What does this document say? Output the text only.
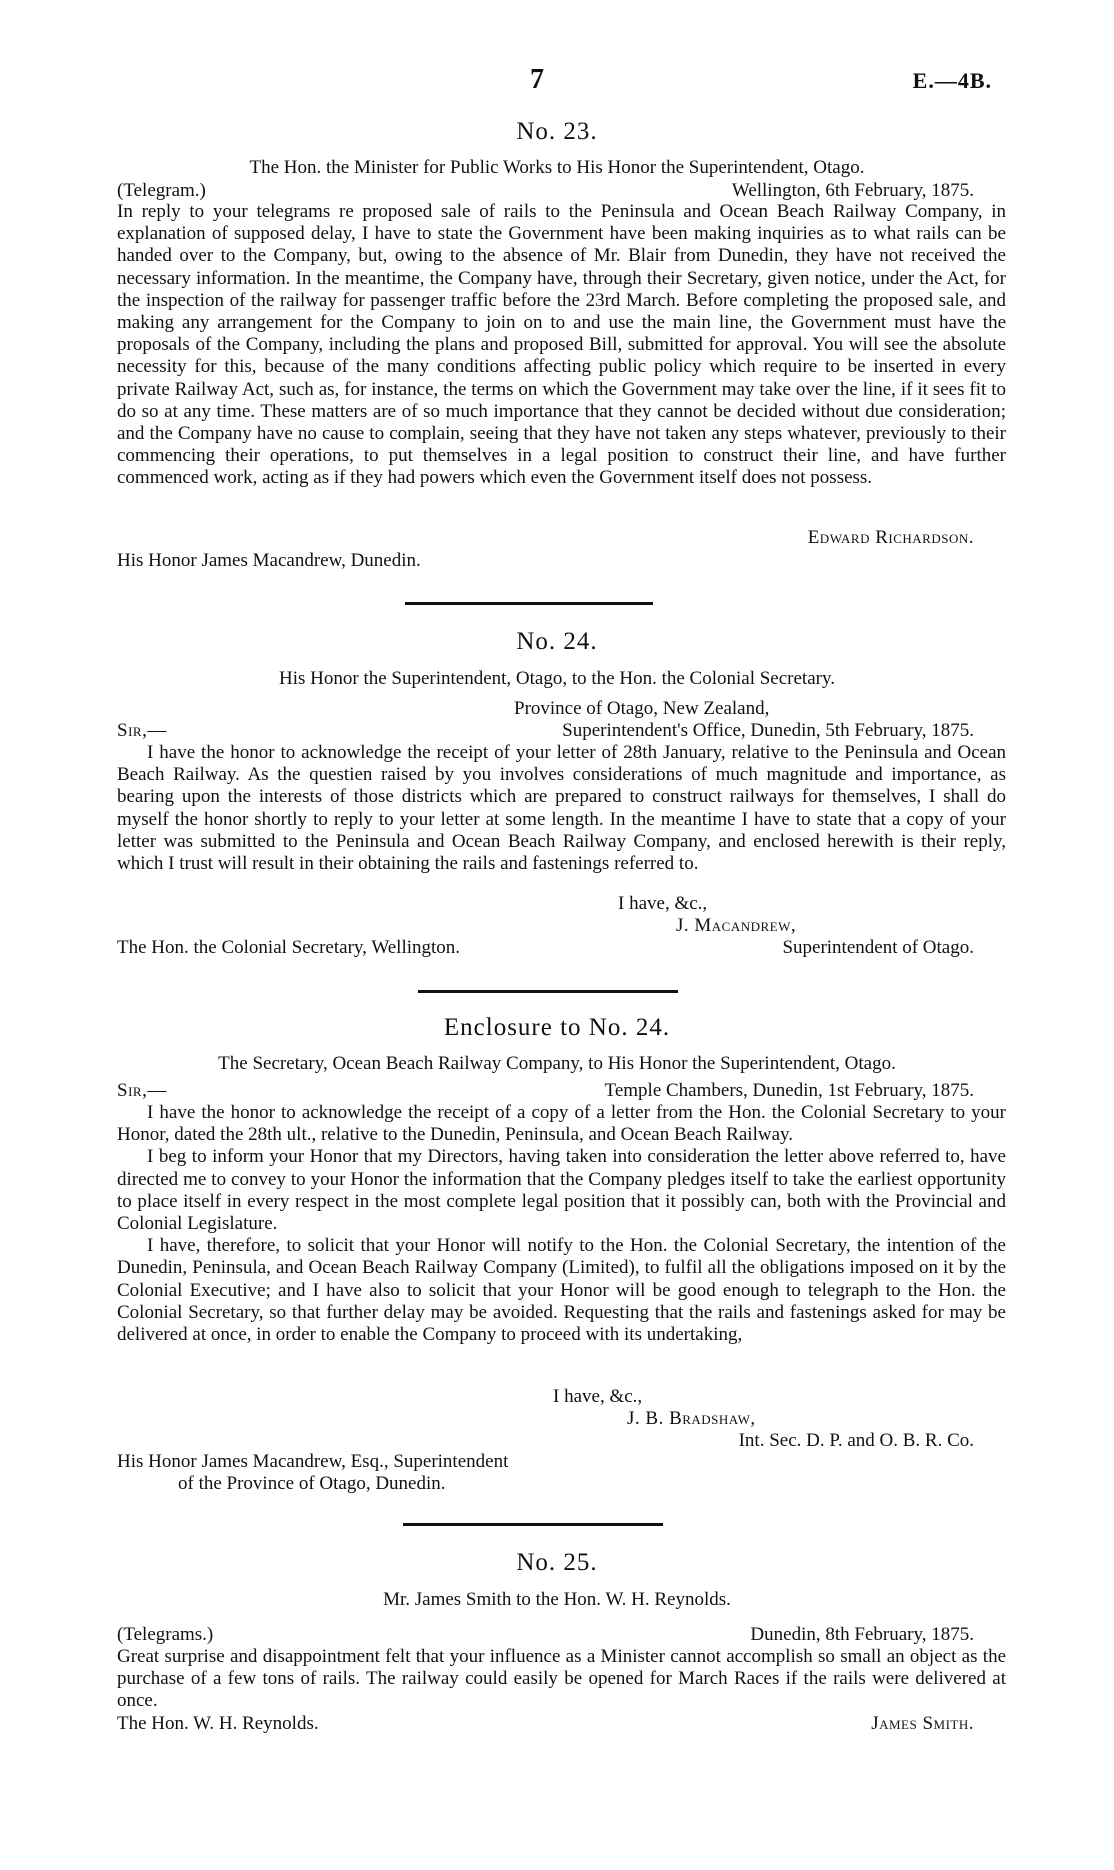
7	E.—4B.
No. 23.
The Hon. the Minister for Public Works to His Honor the Superintendent, Otago.
(Telegram.)	Wellington, 6th February, 1875.

In reply to your telegrams re proposed sale of rails to the Peninsula and Ocean Beach Railway Company, in explanation of supposed delay, I have to state the Government have been making inquiries as to what rails can be handed over to the Company, but, owing to the absence of Mr. Blair from Dunedin, they have not received the necessary information. In the meantime, the Company have, through their Secretary, given notice, under the Act, for the inspection of the railway for passenger traffic before the 23rd March. Before completing the proposed sale, and making any arrangement for the Company to join on to and use the main line, the Government must have the proposals of the Company, including the plans and proposed Bill, submitted for approval. You will see the absolute necessity for this, because of the many conditions affecting public policy which require to be inserted in every private Railway Act, such as, for instance, the terms on which the Government may take over the line, if it sees fit to do so at any time. These matters are of so much importance that they cannot be decided without due consideration; and the Company have no cause to complain, seeing that they have not taken any steps whatever, previously to their commencing their operations, to put themselves in a legal position to construct their line, and have further commenced work, acting as if they had powers which even the Government itself does not possess.

Edward Richardson.
His Honor James Macandrew, Dunedin.
No. 24.
His Honor the Superintendent, Otago, to the Hon. the Colonial Secretary.
Province of Otago, New Zealand,
Sir,—	Superintendent's Office, Dunedin, 5th February, 1875.

I have the honor to acknowledge the receipt of your letter of 28th January, relative to the Peninsula and Ocean Beach Railway. As the questien raised by you involves considerations of much magnitude and importance, as bearing upon the interests of those districts which are prepared to construct railways for themselves, I shall do myself the honor shortly to reply to your letter at some length. In the meantime I have to state that a copy of your letter was submitted to the Peninsula and Ocean Beach Railway Company, and enclosed herewith is their reply, which I trust will result in their obtaining the rails and fastenings referred to.

I have, &c.,
J. Macandrew,
The Hon. the Colonial Secretary, Wellington.	Superintendent of Otago.
Enclosure to No. 24.
The Secretary, Ocean Beach Railway Company, to His Honor the Superintendent, Otago.
Sir,—	Temple Chambers, Dunedin, 1st February, 1875.

I have the honor to acknowledge the receipt of a copy of a letter from the Hon. the Colonial Secretary to your Honor, dated the 28th ult., relative to the Dunedin, Peninsula, and Ocean Beach Railway.

I beg to inform your Honor that my Directors, having taken into consideration the letter above referred to, have directed me to convey to your Honor the information that the Company pledges itself to take the earliest opportunity to place itself in every respect in the most complete legal position that it possibly can, both with the Provincial and Colonial Legislature.

I have, therefore, to solicit that your Honor will notify to the Hon. the Colonial Secretary, the intention of the Dunedin, Peninsula, and Ocean Beach Railway Company (Limited), to fulfil all the obligations imposed on it by the Colonial Executive; and I have also to solicit that your Honor will be good enough to telegraph to the Hon. the Colonial Secretary, so that further delay may be avoided. Requesting that the rails and fastenings asked for may be delivered at once, in order to enable the Company to proceed with its undertaking,

I have, &c.,
J. B. Bradshaw,
Int. Sec. D. P. and O. B. R. Co.
His Honor James Macandrew, Esq., Superintendent
of the Province of Otago, Dunedin.
No. 25.
Mr. James Smith to the Hon. W. H. Reynolds.
(Telegrams.)	Dunedin, 8th February, 1875.

Great surprise and disappointment felt that your influence as a Minister cannot accomplish so small an object as the purchase of a few tons of rails. The railway could easily be opened for March Races if the rails were delivered at once.

The Hon. W. H. Reynolds.	James Smith.
